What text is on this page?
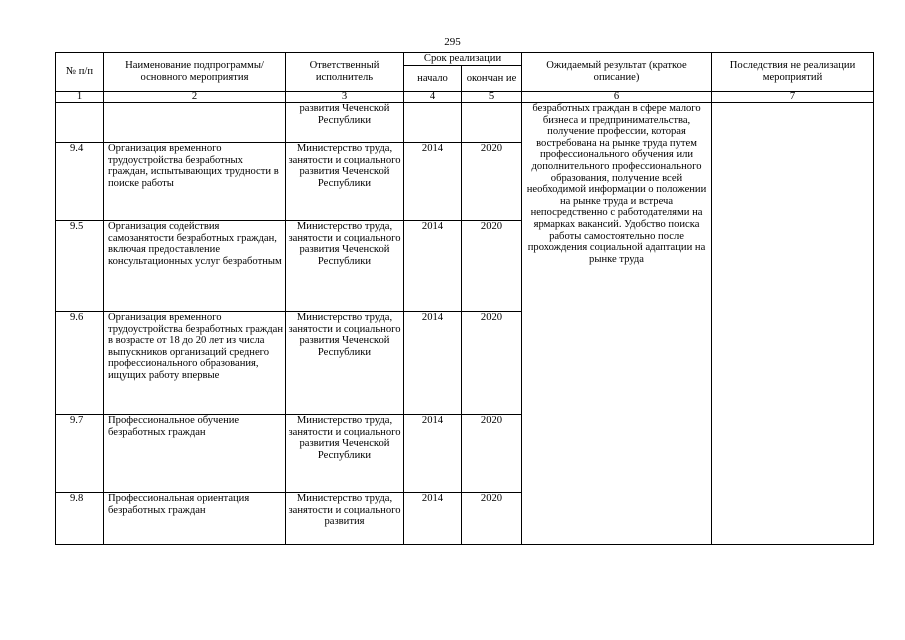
295
№ п/п	Наименование подпрограммы/ основного мероприятия	Ответственный исполнитель	Срок реализации		Ожидаемый результат (краткое описание)	Последствия не реализации мероприятий
			начало	окончан ие		
1	2	3	4	5	6	7
		развития Чеченской Республики			безработных граждан в сфере малого бизнеса и предпринимательства, получение профессии, которая востребована на рынке труда путем профессионального обучения или дополнительного профессионального образования, получение всей необходимой информации о положении на рынке труда и встреча непосредственно с работодателями на ярмарках вакансий. Удобство поиска работы самостоятельно после прохождения социальной адаптации на рынке труда	
9.4	Организация временного трудоустройства безработных граждан, испытывающих трудности в поиске работы	Министерство труда, занятости и социального развития Чеченской Республики	2014	2020		
9.5	Организация содействия самозанятости безработных граждан, включая предоставление консультационных услуг безработным	Министерство труда, занятости и социального развития Чеченской Республики	2014	2020		
9.6	Организация временного трудоустройства безработных граждан в возрасте от 18 до 20 лет из числа выпускников организаций среднего профессионального образования, ищущих работу впервые	Министерство труда, занятости и социального развития Чеченской Республики	2014	2020		
9.7	Профессиональное обучение безработных граждан	Министерство труда, занятости и социального развития Чеченской Республики	2014	2020		
9.8	Профессиональная ориентация безработных граждан	Министерство труда, занятости и социального развития	2014	2020		
